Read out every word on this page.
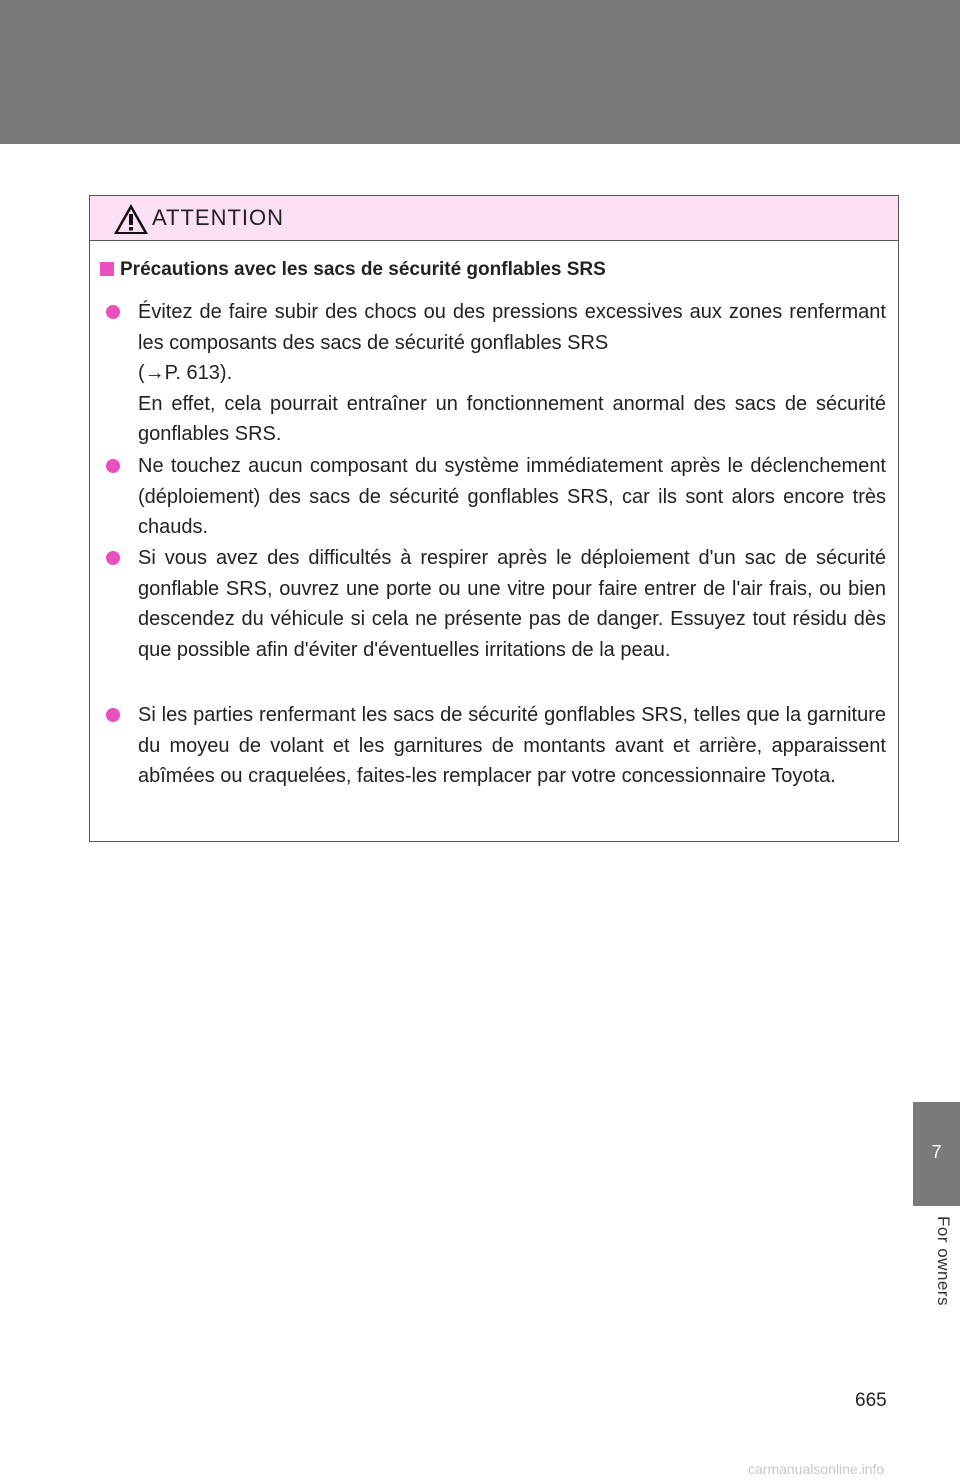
ATTENTION
Précautions avec les sacs de sécurité gonflables SRS
Évitez de faire subir des chocs ou des pressions excessives aux zones renfermant les composants des sacs de sécurité gonflables SRS
(→P. 613).
En effet, cela pourrait entraîner un fonctionnement anormal des sacs de sécurité gonflables SRS.
Ne touchez aucun composant du système immédiatement après le déclenchement (déploiement) des sacs de sécurité gonflables SRS, car ils sont alors encore très chauds.
Si vous avez des difficultés à respirer après le déploiement d'un sac de sécurité gonflable SRS, ouvrez une porte ou une vitre pour faire entrer de l'air frais, ou bien descendez du véhicule si cela ne présente pas de danger. Essuyez tout résidu dès que possible afin d'éviter d'éventuelles irritations de la peau.
Si les parties renfermant les sacs de sécurité gonflables SRS, telles que la garniture du moyeu de volant et les garnitures de montants avant et arrière, apparaissent abîmées ou craquelées, faites-les remplacer par votre concessionnaire Toyota.
7
For owners
665
carmanualsonline.info
